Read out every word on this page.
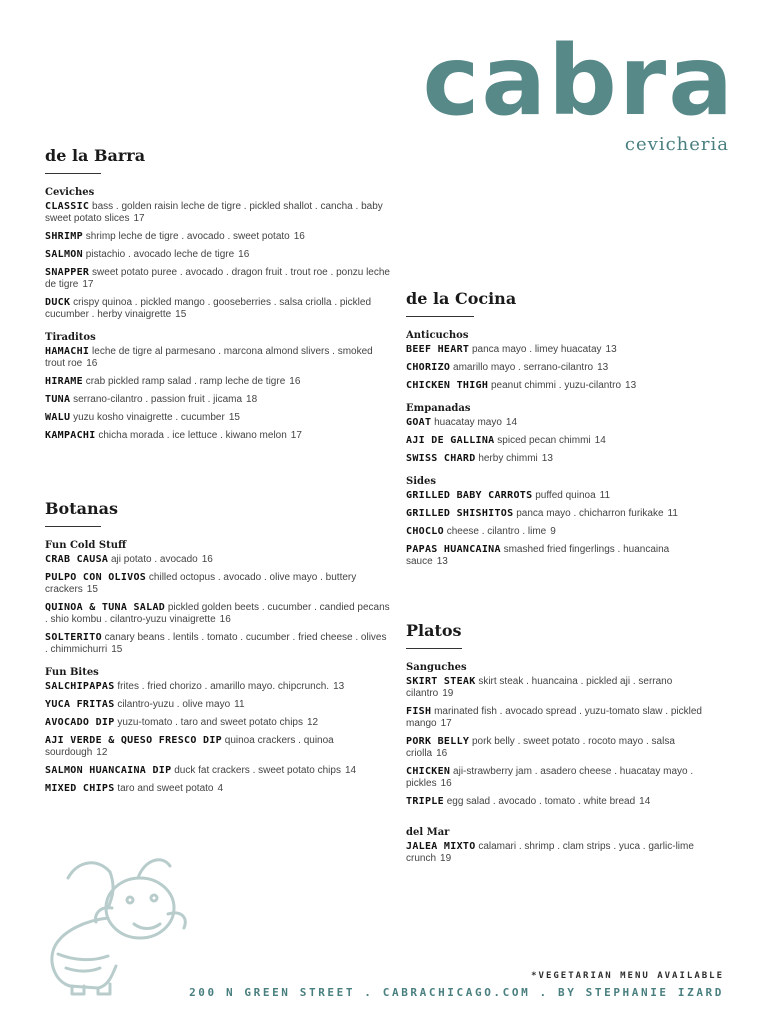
cabra
cevicheria
de la Barra
Ceviches
CLASSIC bass . golden raisin leche de tigre . pickled shallot . cancha . baby sweet potato slices 17
SHRIMP shrimp leche de tigre . avocado . sweet potato 16
SALMON pistachio . avocado leche de tigre 16
SNAPPER sweet potato puree . avocado . dragon fruit . trout roe . ponzu leche de tigre 17
DUCK crispy quinoa . pickled mango . gooseberries . salsa criolla . pickled cucumber . herby vinaigrette 15
Tiraditos
HAMACHI leche de tigre al parmesano . marcona almond slivers . smoked trout roe 16
HIRAME crab pickled ramp salad . ramp leche de tigre 16
TUNA serrano-cilantro . passion fruit . jicama 18
WALU yuzu kosho vinaigrette . cucumber 15
KAMPACHI chicha morada . ice lettuce . kiwano melon 17
Botanas
Fun Cold Stuff
CRAB CAUSA aji potato . avocado 16
PULPO CON OLIVOS chilled octopus . avocado . olive mayo . buttery crackers 15
QUINOA & TUNA SALAD pickled golden beets . cucumber . candied pecans . shio kombu . cilantro-yuzu vinaigrette 16
SOLTERITO canary beans . lentils . tomato . cucumber . fried cheese . olives . chimmichurri 15
Fun Bites
SALCHIPAPAS frites . fried chorizo . amarillo mayo. chipcrunch. 13
YUCA FRITAS cilantro-yuzu . olive mayo 11
AVOCADO DIP yuzu-tomato . taro and sweet potato chips 12
AJI VERDE & QUESO FRESCO DIP quinoa crackers . quinoa sourdough 12
SALMON HUANCAINA DIP duck fat crackers . sweet potato chips 14
MIXED CHIPS taro and sweet potato 4
de la Cocina
Anticuchos
BEEF HEART panca mayo . limey huacatay 13
CHORIZO amarillo mayo . serrano-cilantro 13
CHICKEN THIGH peanut chimmi . yuzu-cilantro 13
Empanadas
GOAT huacatay mayo 14
AJI DE GALLINA spiced pecan chimmi 14
SWISS CHARD herby chimmi 13
Sides
GRILLED BABY CARROTS puffed quinoa 11
GRILLED SHISHITOS panca mayo . chicharron furikake 11
CHOCLO cheese . cilantro . lime 9
PAPAS HUANCAINA smashed fried fingerlings . huancaina sauce 13
Platos
Sanguches
SKIRT STEAK skirt steak . huancaina . pickled aji . serrano cilantro 19
FISH marinated fish . avocado spread . yuzu-tomato slaw . pickled mango 17
PORK BELLY pork belly . sweet potato . rocoto mayo . salsa criolla 16
CHICKEN aji-strawberry jam . asadero cheese . huacatay mayo . pickles 16
TRIPLE egg salad . avocado . tomato . white bread 14
del Mar
JALEA MIXTO calamari . shrimp . clam strips . yuca . garlic-lime crunch 19
*VEGETARIAN MENU AVAILABLE
200 N GREEN STREET . CABRACHICAGO.COM . BY STEPHANIE IZARD
